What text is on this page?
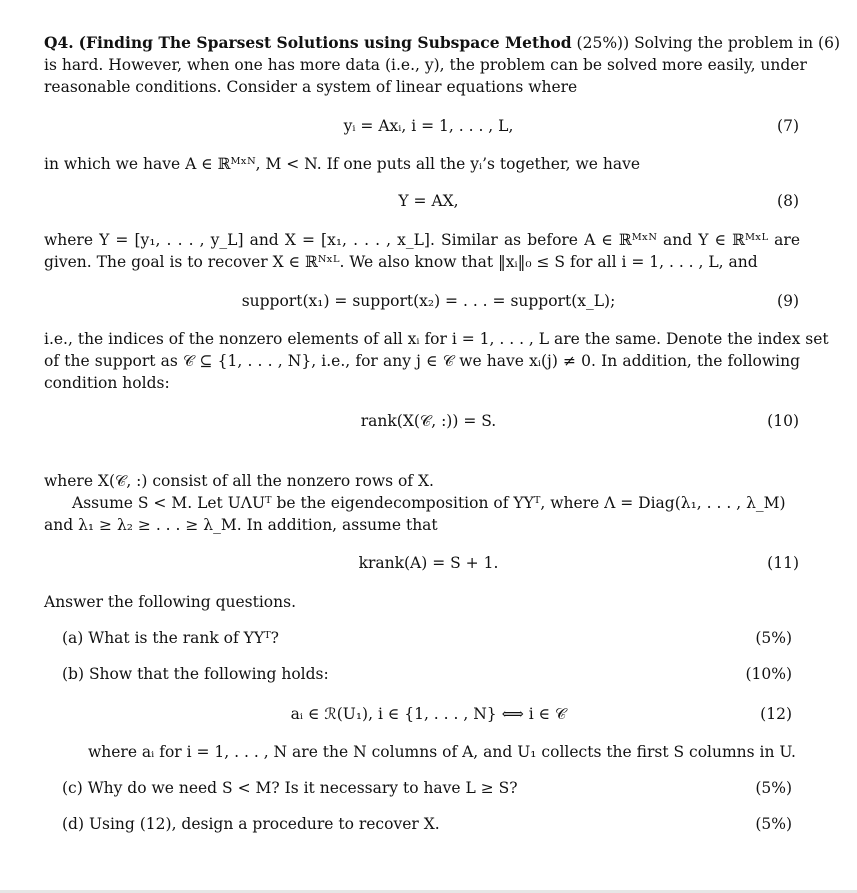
Q4. (Finding The Sparsest Solutions using Subspace Method (25%)) Solving the problem in (6)
is hard. However, when one has more data (i.e., y), the problem can be solved more easily, under
reasonable conditions. Consider a system of linear equations where
yᵢ = Axᵢ, i = 1, . . . , L,	(7)
in which we have A ∈ ℝᴹˣᴺ, M < N. If one puts all the yᵢ’s together, we have
Y = AX,	(8)
where Y = [y₁, . . . , y_L] and X = [x₁, . . . , x_L]. Similar as before A ∈ ℝᴹˣᴺ and Y ∈ ℝᴹˣᴸ are
given. The goal is to recover X ∈ ℝᴺˣᴸ. We also know that ‖xᵢ‖₀ ≤ S for all i = 1, . . . , L, and
support(x₁) = support(x₂) = . . . = support(x_L);	(9)
i.e., the indices of the nonzero elements of all xᵢ for i = 1, . . . , L are the same. Denote the index set
of the support as 𝒞 ⊆ {1, . . . , N}, i.e., for any j ∈ 𝒞 we have xᵢ(j) ≠ 0. In addition, the following
condition holds:
rank(X(𝒞, :)) = S.	(10)
where X(𝒞, :) consist of all the nonzero rows of X.
Assume S < M. Let UΛUᵀ be the eigendecomposition of YYᵀ, where Λ = Diag(λ₁, . . . , λ_M)
and λ₁ ≥ λ₂ ≥ . . . ≥ λ_M. In addition, assume that
krank(A) = S + 1.	(11)
Answer the following questions.
(a) What is the rank of YYᵀ?	(5%)
(b) Show that the following holds:	(10%)
aᵢ ∈ ℛ(U₁), i ∈ {1, . . . , N} ⟺ i ∈ 𝒞	(12)
where aᵢ for i = 1, . . . , N are the N columns of A, and U₁ collects the first S columns in U.
(c) Why do we need S < M? Is it necessary to have L ≥ S?	(5%)
(d) Using (12), design a procedure to recover X.	(5%)
